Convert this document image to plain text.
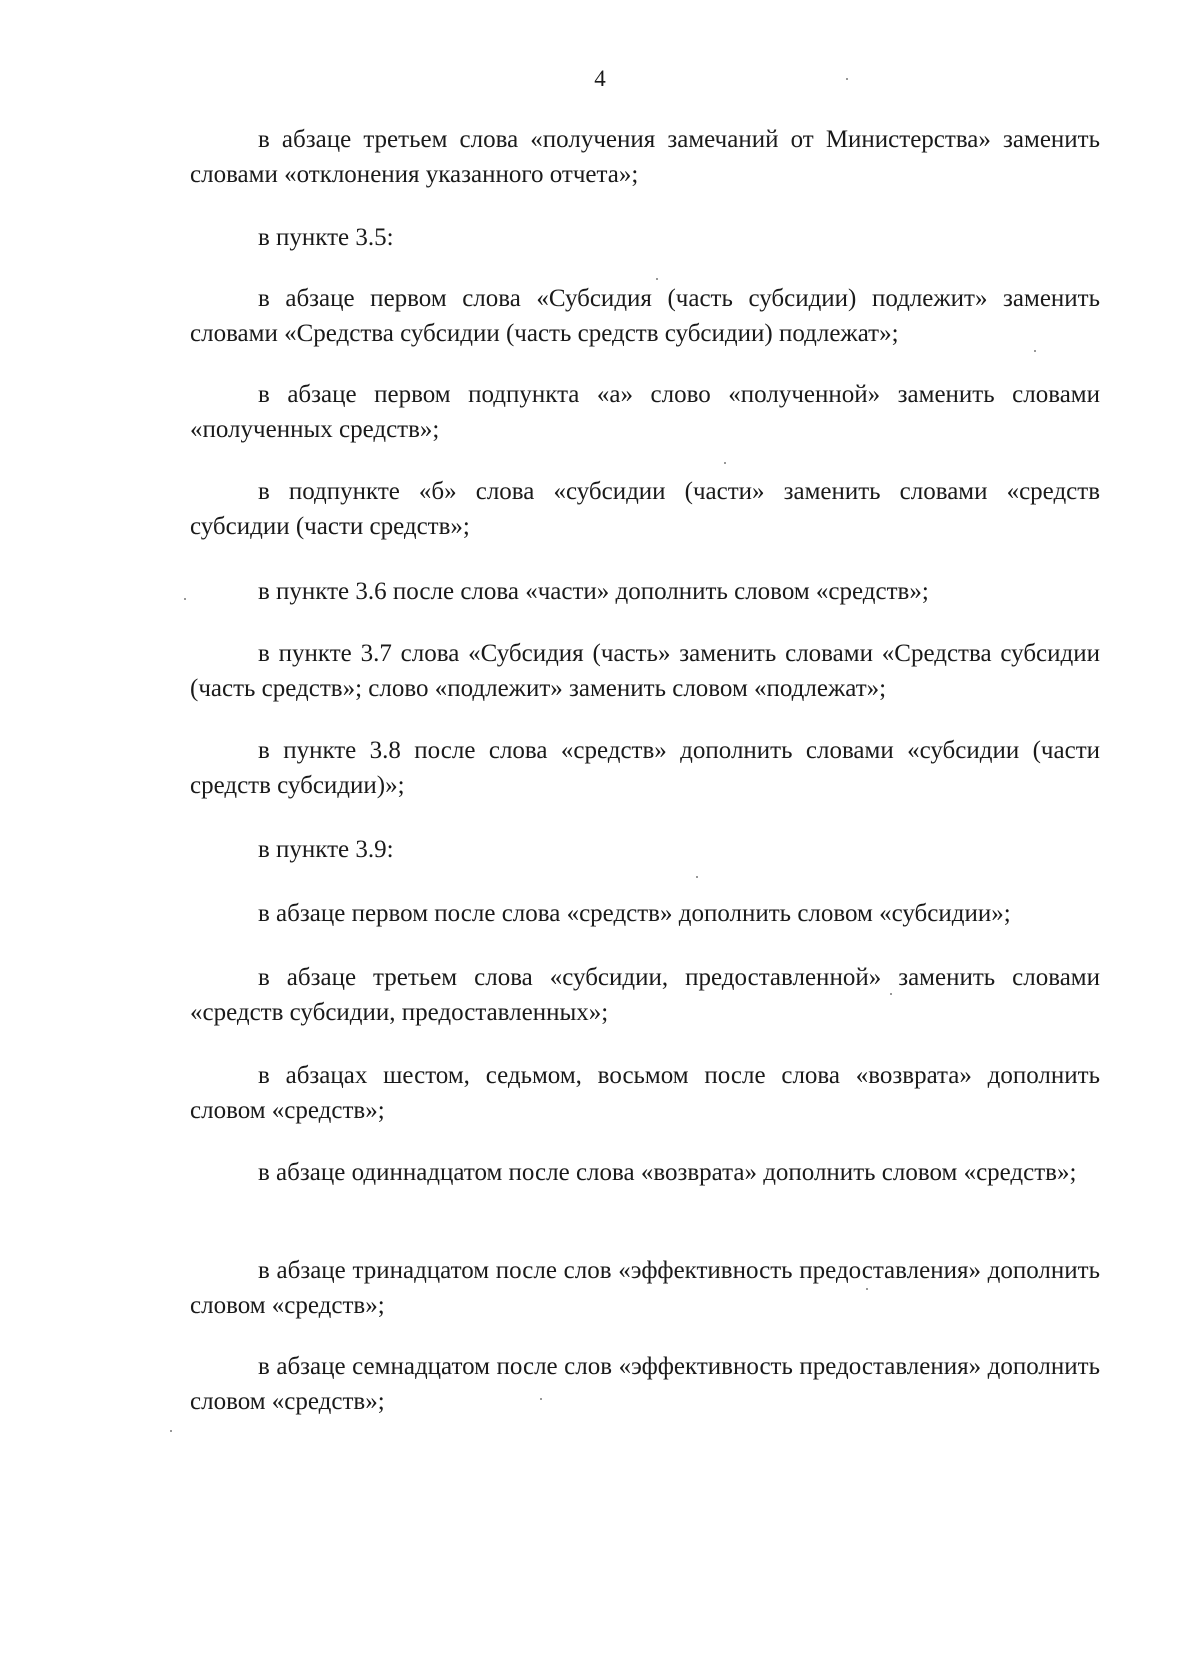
4

в абзаце третьем слова «получения замечаний от Министерства» заменить словами «отклонения указанного отчета»;

в пункте 3.5:

в абзаце первом слова «Субсидия (часть субсидии) подлежит» заменить словами «Средства субсидии (часть средств субсидии) подлежат»;

в абзаце первом подпункта «а» слово «полученной» заменить словами «полученных средств»;

в подпункте «б» слова «субсидии (части» заменить словами «средств субсидии (части средств»;

в пункте 3.6 после слова «части» дополнить словом «средств»;

в пункте 3.7 слова «Субсидия (часть» заменить словами «Средства субсидии (часть средств»; слово «подлежит» заменить словом «подлежат»;

в пункте 3.8 после слова «средств» дополнить словами «субсидии (части средств субсидии)»;

в пункте 3.9:

в абзаце первом после слова «средств» дополнить словом «субсидии»;

в абзаце третьем слова «субсидии, предоставленной» заменить словами «средств субсидии, предоставленных»;

в абзацах шестом, седьмом, восьмом после слова «возврата» дополнить словом «средств»;

в абзаце одиннадцатом после слова «возврата» дополнить словом «средств»;

в абзаце тринадцатом после слов «эффективность предоставления» дополнить словом «средств»;

в абзаце семнадцатом после слов «эффективность предоставления» дополнить словом «средств»;
